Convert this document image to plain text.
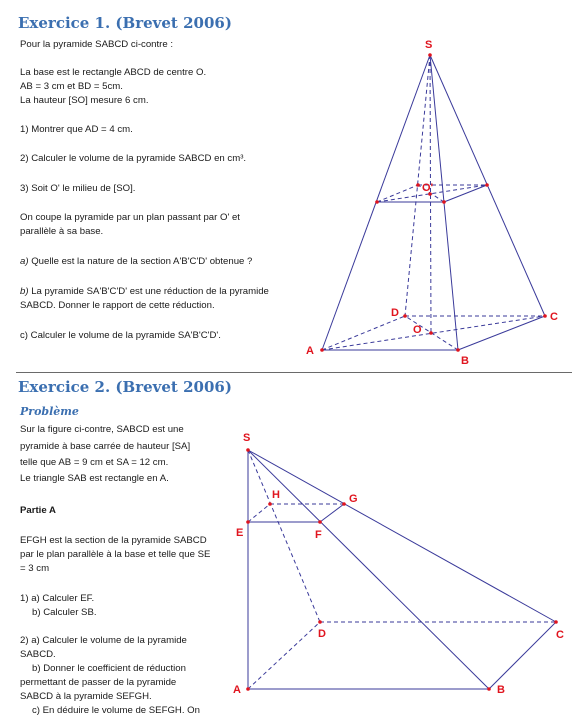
Exercice 1. (Brevet 2006)

Pour la pyramide SABCD ci-contre :

La base est le rectangle ABCD de centre O.

AB = 3 cm et BD = 5cm.

La hauteur [SO] mesure 6 cm.

1) Montrer que AD = 4 cm.

2) Calculer le volume de la pyramide SABCD en cm³.

3) Soit O' le milieu de [SO].

On coupe la pyramide par un plan passant par O' et

parallèle à sa base.

a) Quelle est la nature de la section A'B'C'D' obtenue ?

b) La pyramide SA'B'C'D' est une réduction de la pyramide

SABCD. Donner le rapport de cette réduction.

c) Calculer le volume de la pyramide SA'B'C'D'.

Exercice 2. (Brevet 2006)

Problème

Sur la figure ci-contre, SABCD est une

pyramide à base carrée de hauteur [SA]

telle que AB = 9 cm et SA = 12 cm.

Le triangle SAB est rectangle en A.

Partie A

EFGH est la section de la pyramide SABCD

par le plan parallèle à la base et telle que SE

= 3 cm

1) a) Calculer EF.

b) Calculer SB.

2) a) Calculer le volume de la pyramide

SABCD.

b) Donner le coefficient de réduction

permettant de passer de la pyramide

SABCD à la pyramide SEFGH.

c) En déduire le volume de SEFGH. On

S
A
B
C
D
O
O'
S
A	B
C
D
E	F
G
H
